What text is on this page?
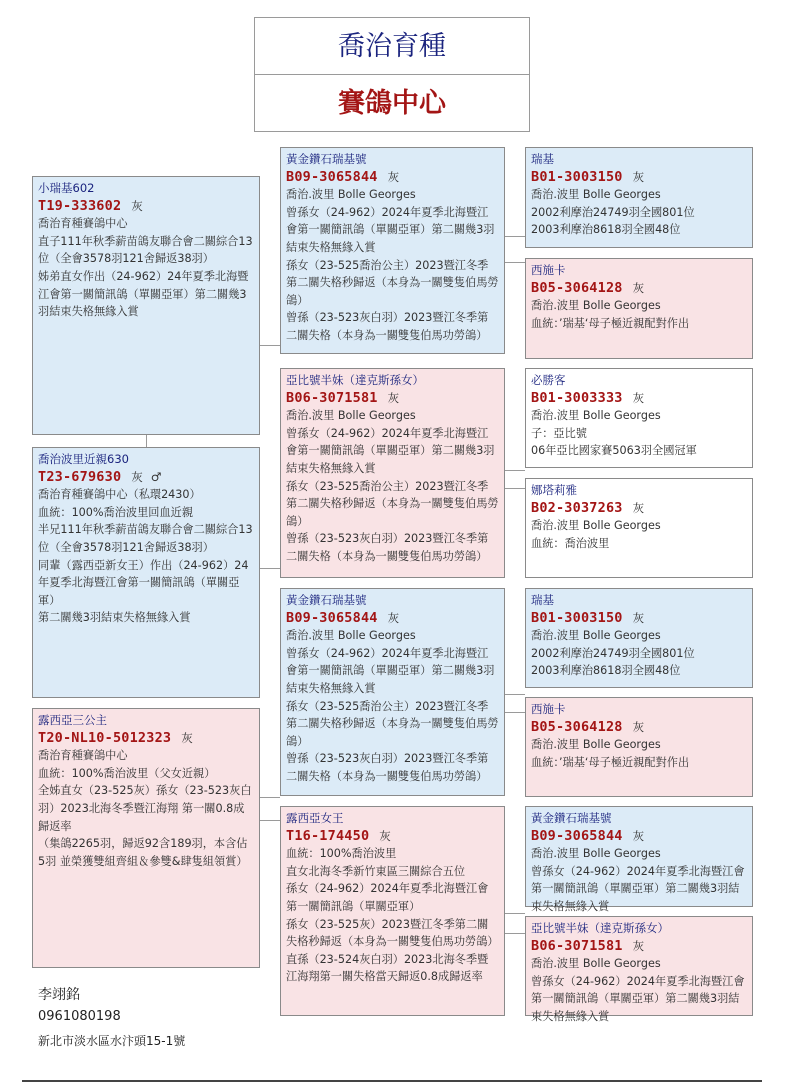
喬治育種
賽鴿中心
小瑞基602
T19-333602 灰
喬治育種賽鴿中心
直子111年秋季薪苗鴿友聯合會二關綜合13位（全會3578羽121舍歸返38羽）
姊弟直女作出（24-962）24年夏季北海暨江會第一關簡訊鴿（單關亞軍）第二關幾3羽結束失格無緣入賞
喬治波里近親630
T23-679630 灰 ♂
喬治育種賽鴿中心（私環2430）
血統：100%喬治波里回血近親
半兄111年秋季薪苗鴿友聯合會二關綜合13位（全會3578羽121舍歸返38羽）
同輩（露西亞新女王）作出（24-962）24年夏季北海暨江會第一關簡訊鴿（單關亞軍）
第二關幾3羽結束失格無緣入賞
露西亞三公主
T20-NL10-5012323 灰
喬治育種賽鴿中心
血統：100%喬治波里（父女近親）
全姊直女（23-525灰）孫女（23-523灰白羽）2023北海冬季暨江海翔 第一關0.8成歸返率
（集鴿2265羽，歸返92含189羽，本含佔5羽 並榮獲雙組齊組＆參雙&肆隻組領賞）
黃金鑽石瑞基號
B09-3065844 灰
喬治.波里 Bolle Georges
曾孫女（24-962）2024年夏季北海暨江會第一關簡訊鴿（單關亞軍）第二關幾3羽結束失格無緣入賞
孫女（23-525喬治公主）2023暨江冬季第二關失格秒歸返（本身為一關雙隻伯馬勞鴿）
曾孫（23-523灰白羽）2023暨江冬季第二關失格（本身為一關雙隻伯馬功勞鴿）
亞比號半妹（達克斯孫女）
B06-3071581 灰
喬治.波里 Bolle Georges
曾孫女（24-962）2024年夏季北海暨江會第一關簡訊鴿（單關亞軍）第二關幾3羽結束失格無緣入賞
孫女（23-525喬治公主）2023暨江冬季第二關失格秒歸返（本身為一關雙隻伯馬勞鴿）
曾孫（23-523灰白羽）2023暨江冬季第二關失格（本身為一關雙隻伯馬功勞鴿）
黃金鑽石瑞基號
B09-3065844 灰
喬治.波里 Bolle Georges
曾孫女（24-962）2024年夏季北海暨江會第一關簡訊鴿（單關亞軍）第二關幾3羽結束失格無緣入賞
孫女（23-525喬治公主）2023暨江冬季第二關失格秒歸返（本身為一關雙隻伯馬勞鴿）
曾孫（23-523灰白羽）2023暨江冬季第二關失格（本身為一關雙隻伯馬功勞鴿）
露西亞女王
T16-174450 灰
血統：100%喬治波里
直女北海冬季新竹東區三關綜合五位
孫女（24-962）2024年夏季北海暨江會第一關簡訊鴿（單關亞軍）
孫女（23-525灰）2023暨江冬季第二關失格秒歸返（本身為一關雙隻伯馬功勞鴿）
直孫（23-524灰白羽）2023北海冬季暨江海翔第一關失格當天歸返0.8成歸返率
瑞基
B01-3003150 灰
喬治.波里 Bolle Georges
2002利摩治24749羽全國801位
2003利摩治8618羽全國48位
西施卡
B05-3064128 灰
喬治.波里 Bolle Georges
血統：’瑞基‘母子極近親配對作出
必勝客
B01-3003333 灰
喬治.波里 Bolle Georges
子：亞比號
06年亞比國家賽5063羽全國冠軍
娜塔莉雅
B02-3037263 灰
喬治.波里 Bolle Georges
血統：喬治波里
瑞基
B01-3003150 灰
喬治.波里 Bolle Georges
2002利摩治24749羽全國801位
2003利摩治8618羽全國48位
西施卡
B05-3064128 灰
喬治.波里 Bolle Georges
血統：’瑞基‘母子極近親配對作出
黃金鑽石瑞基號
B09-3065844 灰
喬治.波里 Bolle Georges
曾孫女（24-962）2024年夏季北海暨江會第一關簡訊鴿（單關亞軍）第二關幾3羽結束失格無緣入賞
亞比號半妹（達克斯孫女）
B06-3071581 灰
喬治.波里 Bolle Georges
曾孫女（24-962）2024年夏季北海暨江會第一關簡訊鴿（單關亞軍）第二關幾3羽結束失格無緣入賞
李翊銘
0961080198
新北市淡水區水汴頭15-1號
